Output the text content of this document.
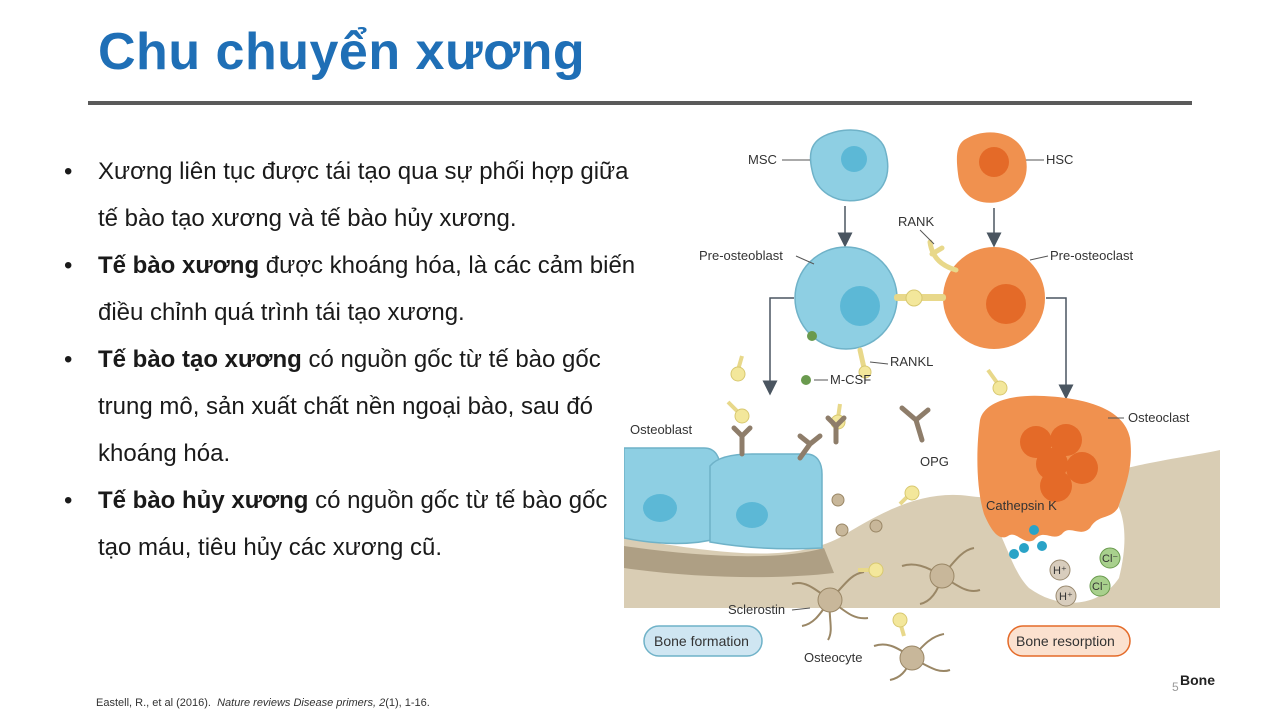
Chu chuyển xương
• Xương liên tục được tái tạo qua sự phối hợp giữa tế bào tạo xương và tế bào hủy xương.
• Tế bào xương được khoáng hóa, là các cảm biến điều chỉnh quá trình tái tạo xương.
• Tế bào tạo xương có nguồn gốc từ tế bào gốc trung mô, sản xuất chất nền ngoại bào, sau đó khoáng hóa.
• Tế bào hủy xương có nguồn gốc từ tế bào gốc tạo máu, tiêu hủy các xương cũ.
MSC	HSC
Pre-osteoblast	Pre-osteoclast
RANK
RANKL
M-CSF
OPG
Osteoblast
Osteoclast
Cathepsin K
H⁺
H⁺
Cl⁻
Cl⁻
Sclerostin
Osteocyte
Bone formation	Bone resorption
Bone
Eastell, R., et al (2016). Nature reviews Disease primers, 2(1), 1-16.
5
